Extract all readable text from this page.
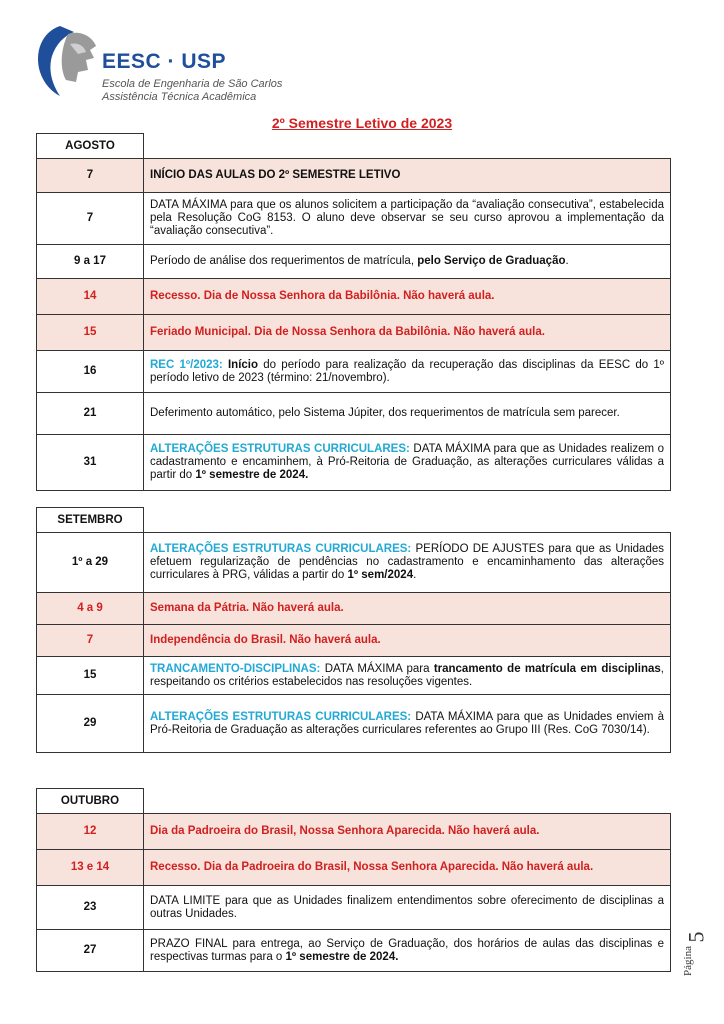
EESC · USP
Escola de Engenharia de São Carlos
Assistência Técnica Acadêmica
2º Semestre Letivo de 2023
AGOSTO	
7	INÍCIO DAS AULAS DO 2º SEMESTRE LETIVO
7	DATA MÁXIMA para que os alunos solicitem a participação da “avaliação consecutiva”, estabelecida pela Resolução CoG 8153. O aluno deve observar se seu curso aprovou a implementação da “avaliação consecutiva”.
9 a 17	Período de análise dos requerimentos de matrícula, pelo Serviço de Graduação.
14	Recesso. Dia de Nossa Senhora da Babilônia. Não haverá aula.
15	Feriado Municipal. Dia de Nossa Senhora da Babilônia. Não haverá aula.
16	REC 1º/2023: Início do período para realização da recuperação das disciplinas da EESC do 1º período letivo de 2023 (término: 21/novembro).
21	Deferimento automático, pelo Sistema Júpiter, dos requerimentos de matrícula sem parecer.
31	ALTERAÇÕES ESTRUTURAS CURRICULARES: DATA MÁXIMA para que as Unidades realizem o cadastramento e encaminhem, à Pró-Reitoria de Graduação, as alterações curriculares válidas a partir do 1º semestre de 2024.
SETEMBRO	
1º a 29	ALTERAÇÕES ESTRUTURAS CURRICULARES: PERÍODO DE AJUSTES para que as Unidades efetuem regularização de pendências no cadastramento e encaminhamento das alterações curriculares à PRG, válidas a partir do 1º sem/2024.
4 a 9	Semana da Pátria. Não haverá aula.
7	Independência do Brasil. Não haverá aula.
15	TRANCAMENTO-DISCIPLINAS: DATA MÁXIMA para trancamento de matrícula em disciplinas, respeitando os critérios estabelecidos nas resoluções vigentes.
29	ALTERAÇÕES ESTRUTURAS CURRICULARES: DATA MÁXIMA para que as Unidades enviem à Pró-Reitoria de Graduação as alterações curriculares referentes ao Grupo III (Res. CoG 7030/14).
OUTUBRO	
12	Dia da Padroeira do Brasil, Nossa Senhora Aparecida. Não haverá aula.
13 e 14	Recesso. Dia da Padroeira do Brasil, Nossa Senhora Aparecida. Não haverá aula.
23	DATA LIMITE para que as Unidades finalizem entendimentos sobre oferecimento de disciplinas a outras Unidades.
27	PRAZO FINAL para entrega, ao Serviço de Graduação, dos horários de aulas das disciplinas e respectivas turmas para o 1º semestre de 2024.	Página
5
